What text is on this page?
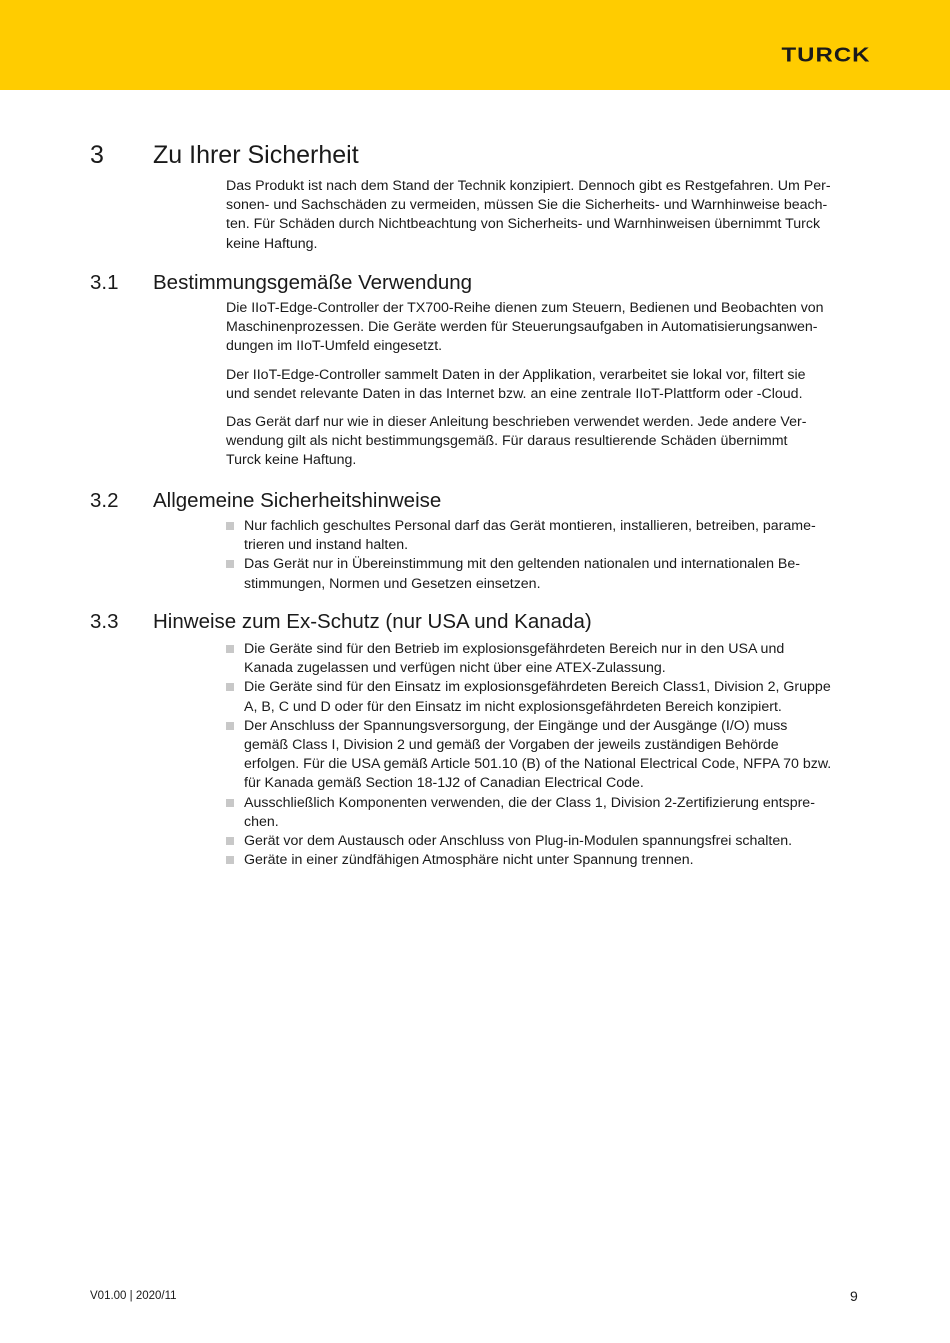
TURCK
3	Zu Ihrer Sicherheit

Das Produkt ist nach dem Stand der Technik konzipiert. Dennoch gibt es Restgefahren. Um Per-
sonen- und Sachschäden zu vermeiden, müssen Sie die Sicherheits- und Warnhinweise beach-
ten. Für Schäden durch Nichtbeachtung von Sicherheits- und Warnhinweisen übernimmt Turck
keine Haftung.

3.1	Bestimmungsgemäße Verwendung

Die IIoT-Edge-Controller der TX700-Reihe dienen zum Steuern, Bedienen und Beobachten von
Maschinenprozessen. Die Geräte werden für Steuerungsaufgaben in Automatisierungsanwen-
dungen im IIoT-Umfeld eingesetzt.

Der IIoT-Edge-Controller sammelt Daten in der Applikation, verarbeitet sie lokal vor, filtert sie
und sendet relevante Daten in das Internet bzw. an eine zentrale IIoT-Plattform oder -Cloud.

Das Gerät darf nur wie in dieser Anleitung beschrieben verwendet werden. Jede andere Ver-
wendung gilt als nicht bestimmungsgemäß. Für daraus resultierende Schäden übernimmt
Turck keine Haftung.

3.2	Allgemeine Sicherheitshinweise
Nur fachlich geschultes Personal darf das Gerät montieren, installieren, betreiben, parame-
trieren und instand halten.
Das Gerät nur in Übereinstimmung mit den geltenden nationalen und internationalen Be-
stimmungen, Normen und Gesetzen einsetzen.
3.3	Hinweise zum Ex-Schutz (nur USA und Kanada)
Die Geräte sind für den Betrieb im explosionsgefährdeten Bereich nur in den USA und
Kanada zugelassen und verfügen nicht über eine ATEX-Zulassung.
Die Geräte sind für den Einsatz im explosionsgefährdeten Bereich Class1, Division 2, Gruppe
A, B, C und D oder für den Einsatz im nicht explosionsgefährdeten Bereich konzipiert.
Der Anschluss der Spannungsversorgung, der Eingänge und der Ausgänge (I/O) muss
gemäß Class I, Division 2 und gemäß der Vorgaben der jeweils zuständigen Behörde
erfolgen. Für die USA gemäß Article 501.10 (B) of the National Electrical Code, NFPA 70 bzw.
für Kanada gemäß Section 18-1J2 of Canadian Electrical Code.
Ausschließlich Komponenten verwenden, die der Class 1, Division 2-Zertifizierung entspre-
chen.
Gerät vor dem Austausch oder Anschluss von Plug-in-Modulen spannungsfrei schalten.
Geräte in einer zündfähigen Atmosphäre nicht unter Spannung trennen.
V01.00 | 2020/11	9
